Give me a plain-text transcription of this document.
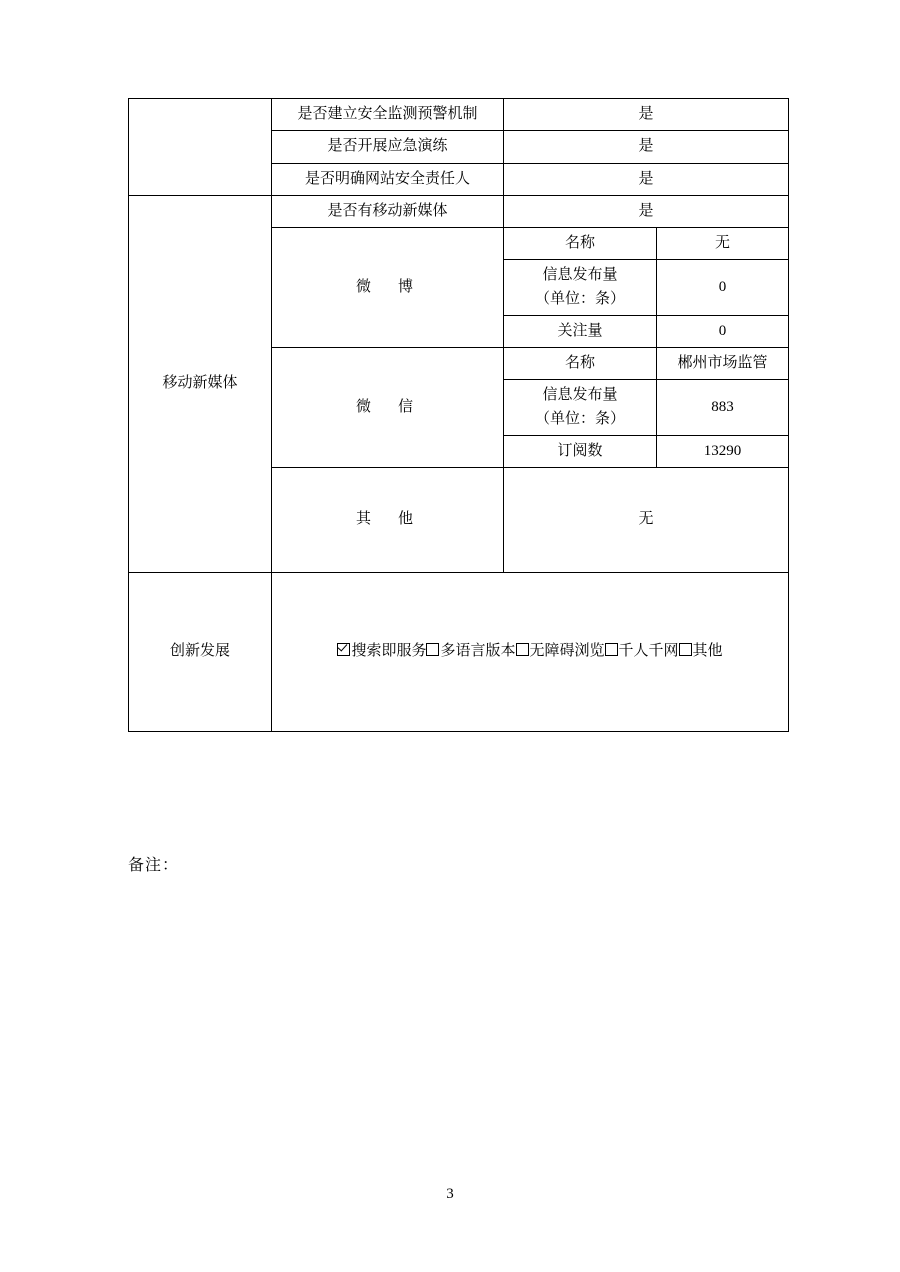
	是否建立安全监测预警机制	是	
	是否开展应急演练	是	
	是否明确网站安全责任人	是	
移动新媒体	是否有移动新媒体	是	
	微　博	名称	无

		信息发布量
（单位：条）	0
		关注量	0
	微　信	名称	郴州市场监管

		信息发布量
（单位：条）	883
		订阅数	13290
	其　他	无	
创新发展	搜索即服务 多语言版本 无障碍浏览 千人千网 其他		
备注：
3
